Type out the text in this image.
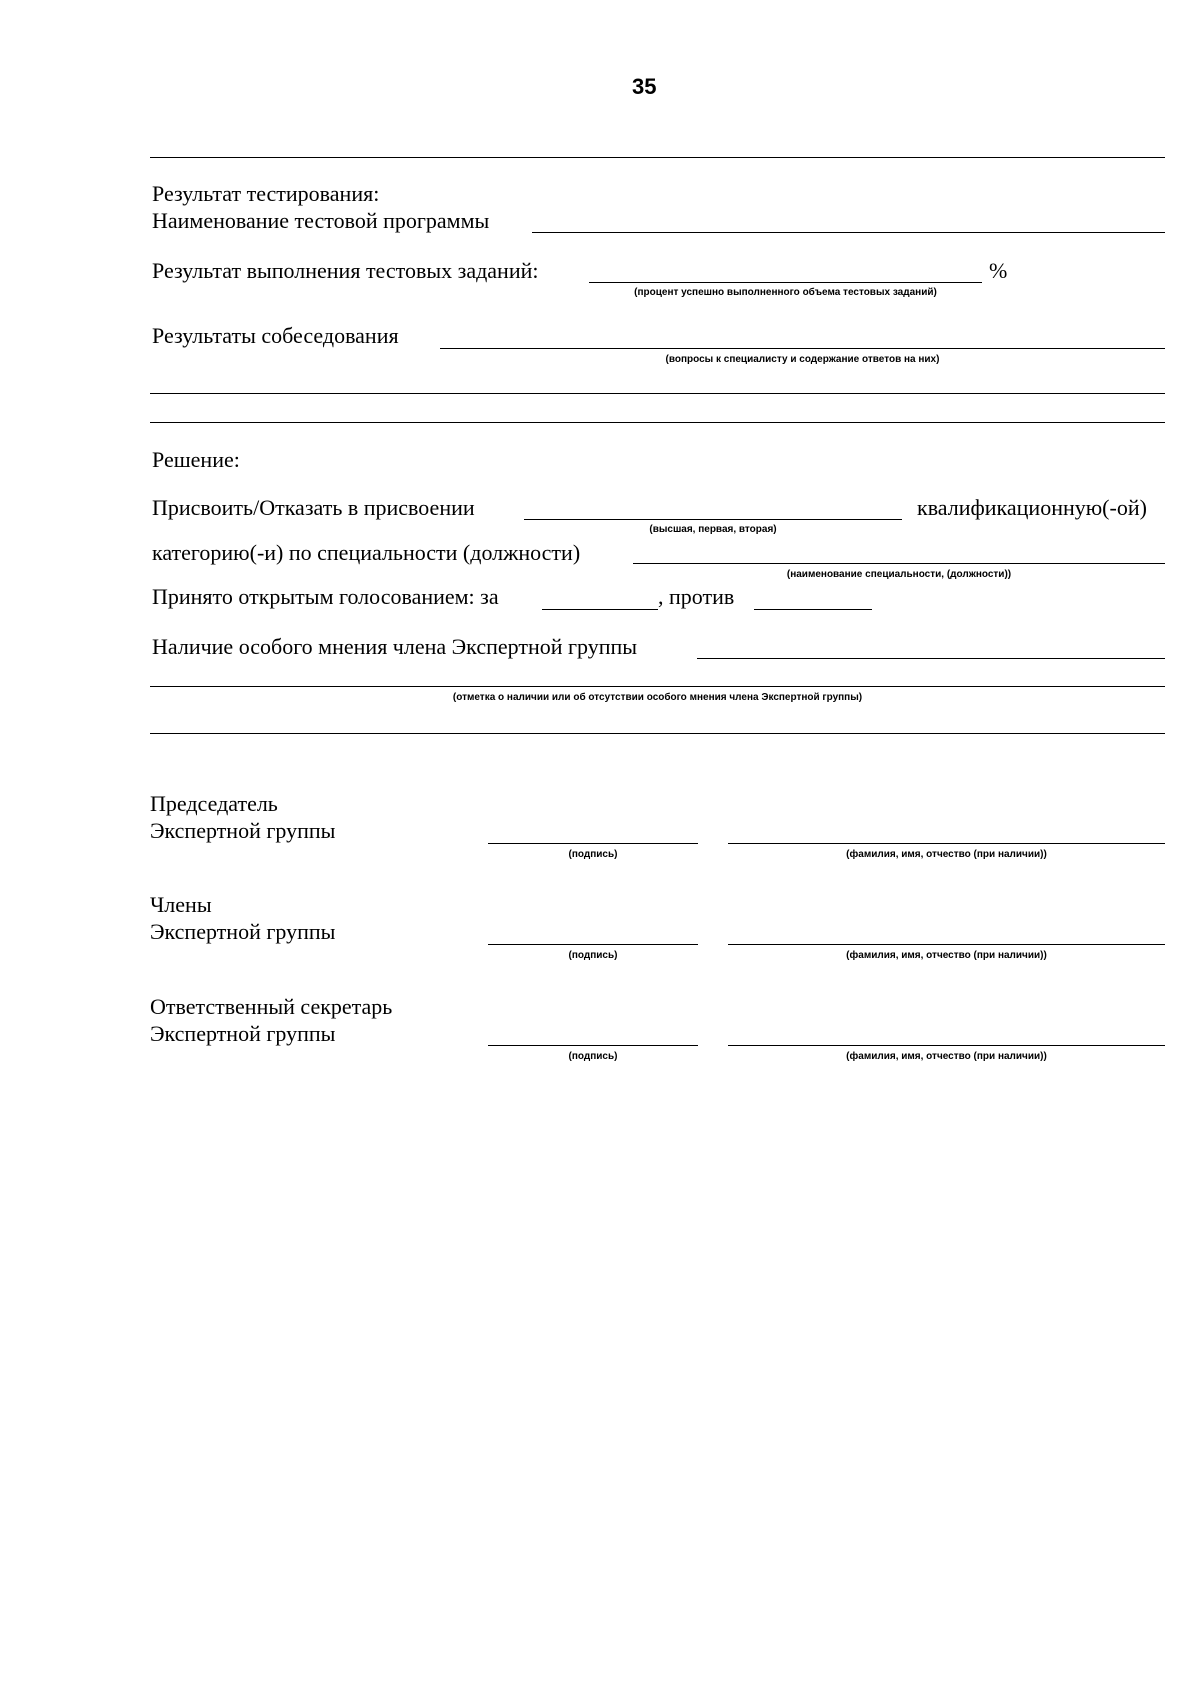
35
Результат тестирования:
Наименование тестовой программы
Результат выполнения тестовых заданий:	%
(процент успешно выполненного объема тестовых заданий)
Результаты собеседования
(вопросы к специалисту и содержание ответов на них)
Решение:
Присвоить/Отказать в присвоении	квалификационную(-ой)
(высшая, первая, вторая)
категорию(-и) по специальности (должности)
(наименование специальности, (должности))
Принято открытым голосованием: за	, против
Наличие особого мнения члена Экспертной группы
(отметка о наличии или об отсутствии особого мнения члена Экспертной группы)
Председатель
Экспертной группы
(подпись)	(фамилия, имя, отчество (при наличии))
Члены
Экспертной группы
(подпись)	(фамилия, имя, отчество (при наличии))
Ответственный секретарь
Экспертной группы
(подпись)	(фамилия, имя, отчество (при наличии))
